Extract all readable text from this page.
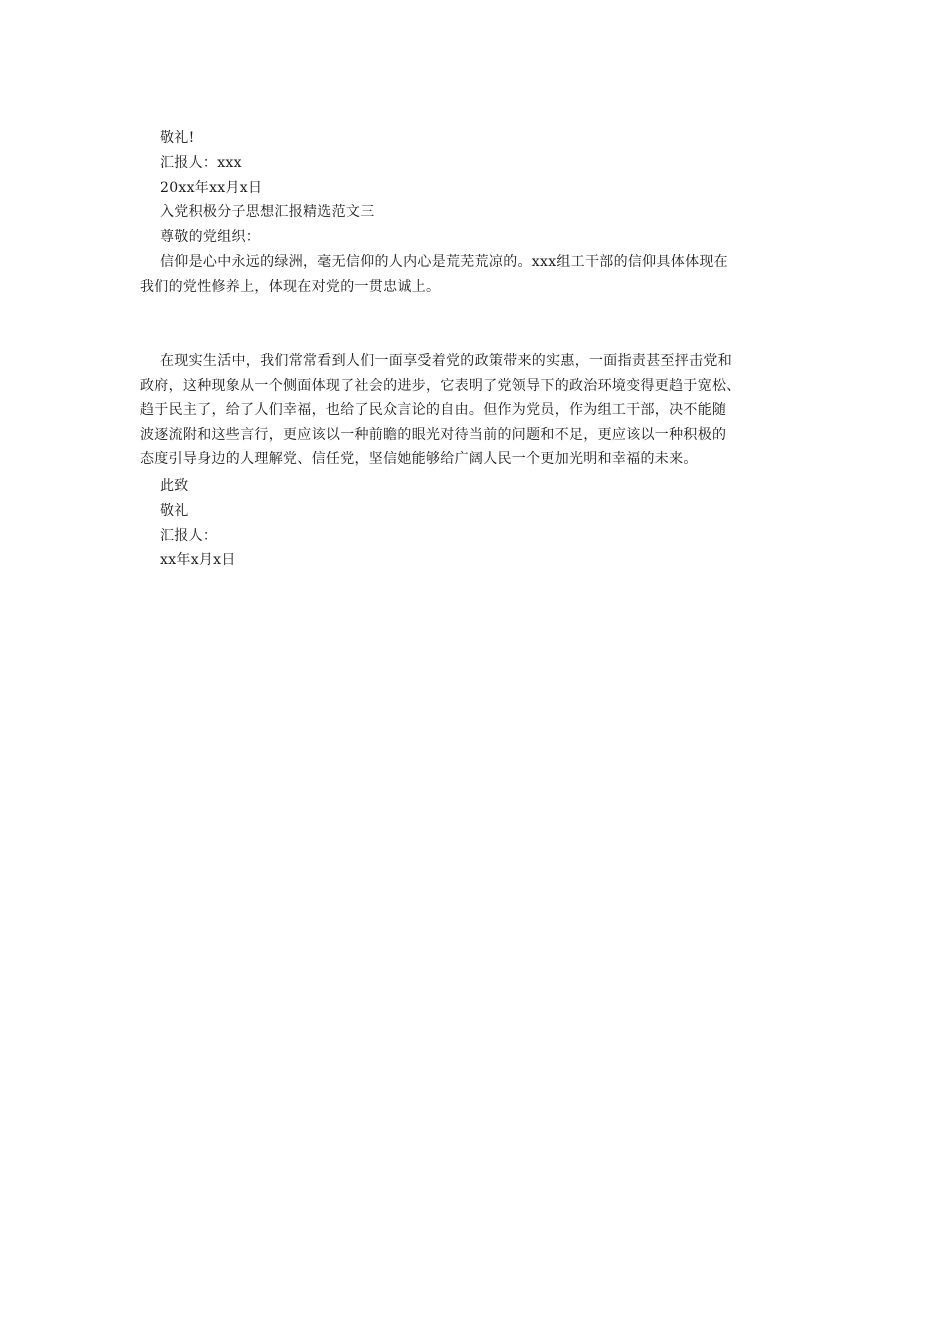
敬礼!
汇报人：xxx
20xx年xx月x日
入党积极分子思想汇报精选范文三
尊敬的党组织：
信仰是心中永远的绿洲，毫无信仰的人内心是荒芜荒凉的。xxx组工干部的信仰具体体现在
我们的党性修养上，体现在对党的一贯忠诚上。
在现实生活中，我们常常看到人们一面享受着党的政策带来的实惠，一面指责甚至抨击党和
政府，这种现象从一个侧面体现了社会的进步，它表明了党领导下的政治环境变得更趋于宽松、
趋于民主了，给了人们幸福，也给了民众言论的自由。但作为党员，作为组工干部，决不能随
波逐流附和这些言行，更应该以一种前瞻的眼光对待当前的问题和不足，更应该以一种积极的
态度引导身边的人理解党、信任党，坚信她能够给广阔人民一个更加光明和幸福的未来。
此致
敬礼
汇报人：
xx年x月x日
